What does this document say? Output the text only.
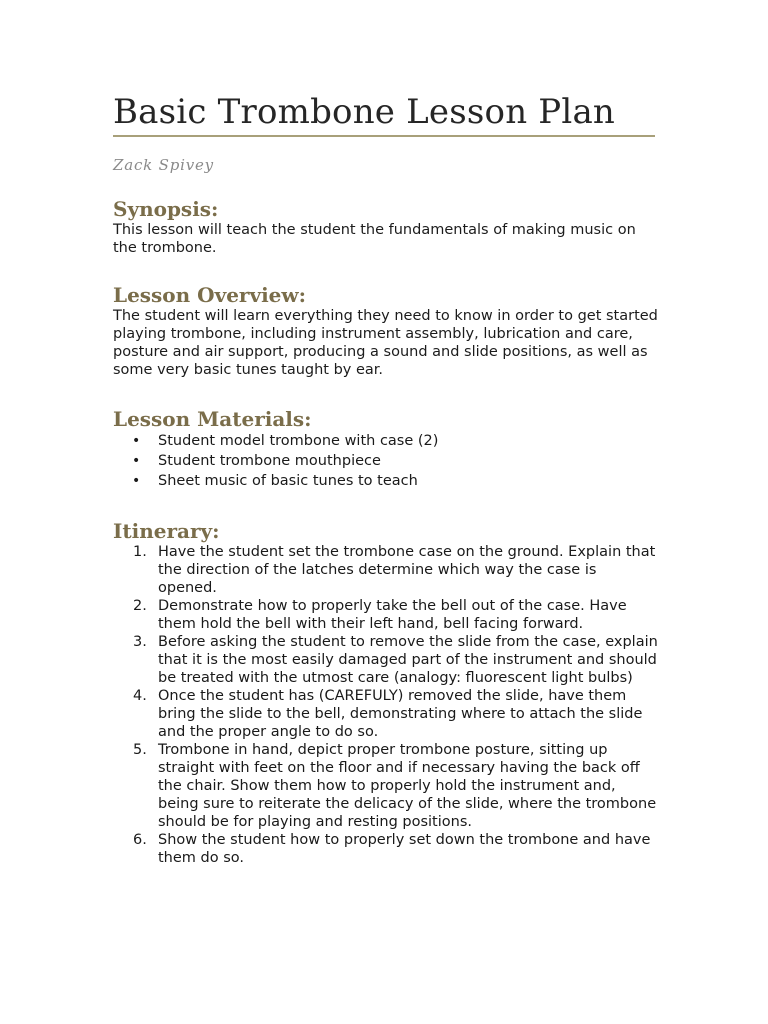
Basic Trombone Lesson Plan
Zack Spivey
Synopsis:

This lesson will teach the student the fundamentals of making music on the trombone.

Lesson Overview:

The student will learn everything they need to know in order to get started playing trombone, including instrument assembly, lubrication and care, posture and air support, producing a sound and slide positions, as well as some very basic tunes taught by ear.

Lesson Materials:
• Student model trombone with case (2)
• Student trombone mouthpiece
• Sheet music of basic tunes to teach
Itinerary:
1. Have the student set the trombone case on the ground. Explain that the direction of the latches determine which way the case is opened.
2. Demonstrate how to properly take the bell out of the case. Have them hold the bell with their left hand, bell facing forward.
3. Before asking the student to remove the slide from the case, explain that it is the most easily damaged part of the instrument and should be treated with the utmost care (analogy: fluorescent light bulbs)
4. Once the student has (CAREFULY) removed the slide, have them bring the slide to the bell, demonstrating where to attach the slide and the proper angle to do so.
5. Trombone in hand, depict proper trombone posture, sitting up straight with feet on the floor and if necessary having the back off the chair. Show them how to properly hold the instrument and, being sure to reiterate the delicacy of the slide, where the trombone should be for playing and resting positions.
6. Show the student how to properly set down the trombone and have them do so.
